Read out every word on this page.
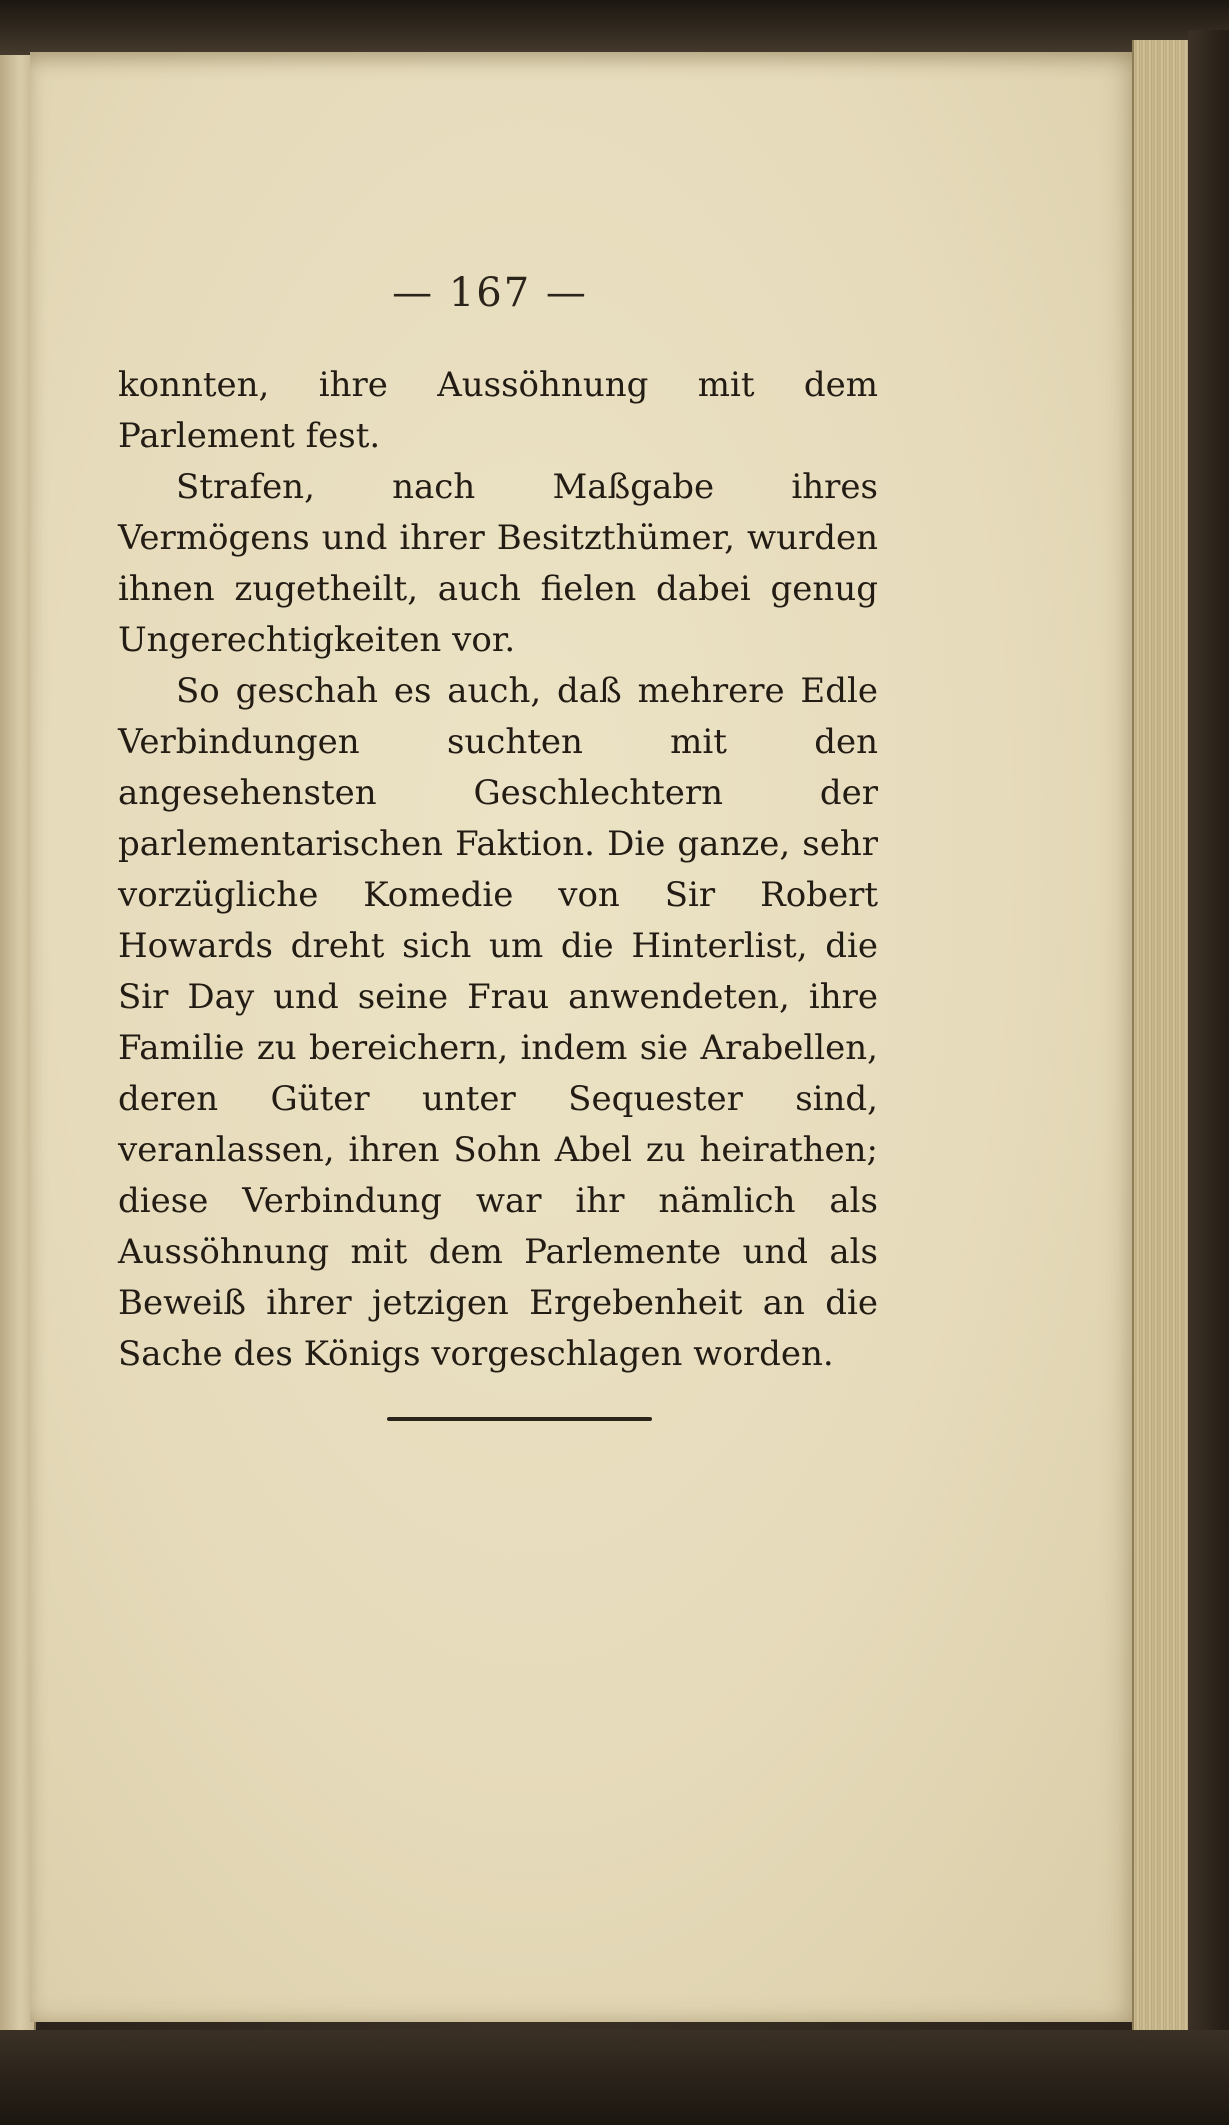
— 167 —

konnten, ihre Aussöhnung mit dem Parlement fest.

Strafen, nach Maßgabe ihres Vermögens und ihrer Besitzthümer, wurden ihnen zugetheilt, auch fielen dabei genug Ungerechtigkeiten vor.

So geschah es auch, daß mehrere Edle Verbindungen suchten mit den angesehensten Geschlechtern der parlementarischen Faktion. Die ganze, sehr vorzügliche Komedie von Sir Robert Howards dreht sich um die Hinterlist, die Sir Day und seine Frau anwendeten, ihre Familie zu bereichern, indem sie Arabellen, deren Güter unter Sequester sind, veranlassen, ihren Sohn Abel zu heirathen; diese Verbindung war ihr nämlich als Aussöhnung mit dem Parlemente und als Beweiß ihrer jetzigen Ergebenheit an die Sache des Königs vorgeschlagen worden.
